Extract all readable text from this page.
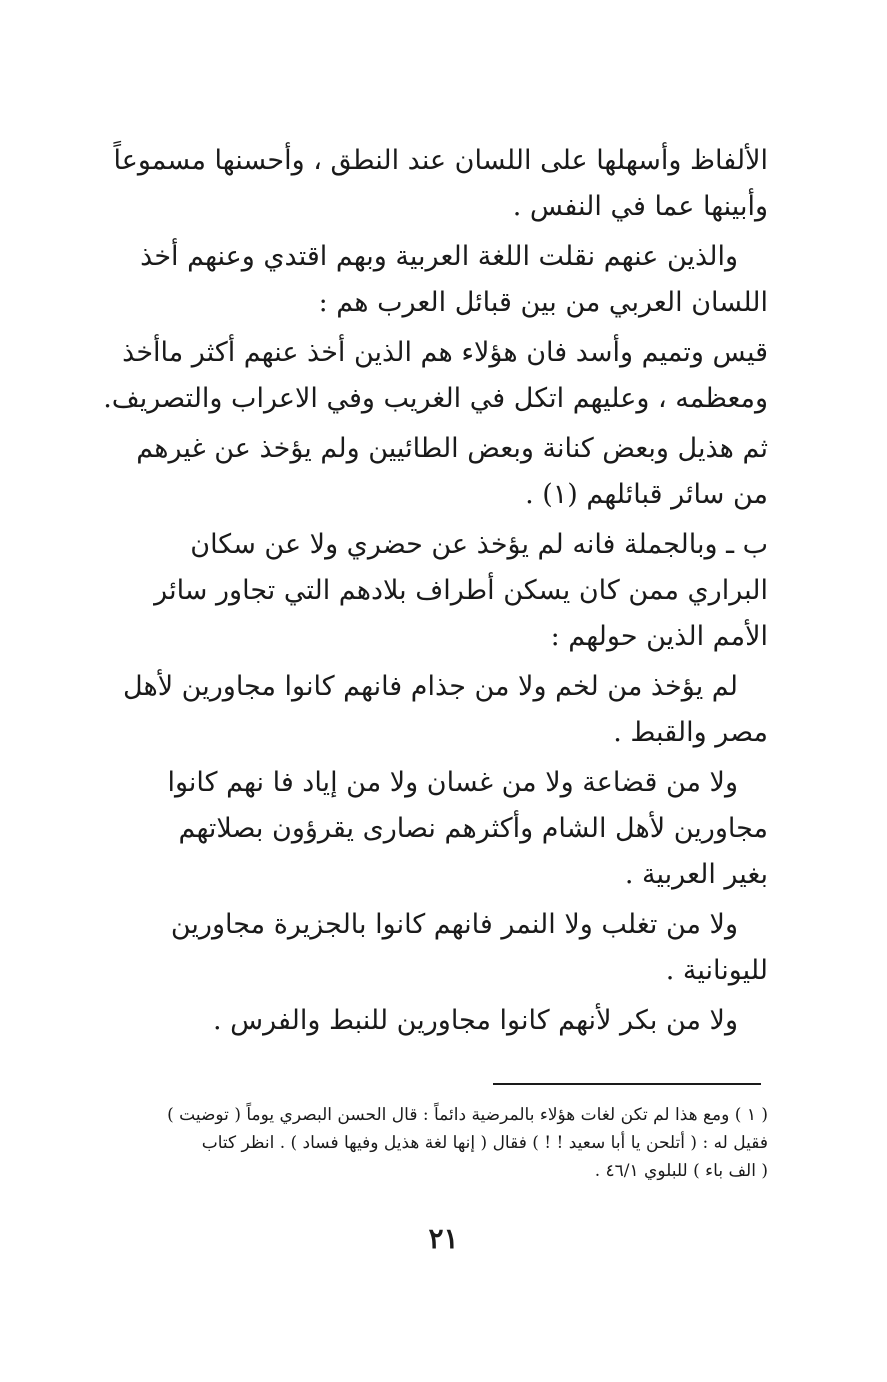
الألفاظ وأسهلها على اللسان عند النطق ، وأحسنها مسموعاً
وأبينها عما في النفس .
والذين عنهم نقلت اللغة العربية وبهم اقتدي وعنهم أخذ
اللسان العربي من بين قبائل العرب هم :
قيس وتميم وأسد فان هؤلاء هم الذين أخذ عنهم أكثر ماأخذ
ومعظمه ، وعليهم اتكل في الغريب وفي الاعراب والتصريف.
ثم هذيل وبعض كنانة وبعض الطائيين ولم يؤخذ عن غيرهم
من سائر قبائلهم (١) .
ب ـ وبالجملة فانه لم يؤخذ عن حضري ولا عن سكان
البراري ممن كان يسكن أطراف بلادهم التي تجاور سائر
الأمم الذين حولهم :
لم يؤخذ من لخم ولا من جذام فانهم كانوا مجاورين لأهل
مصر والقبط .
ولا من قضاعة ولا من غسان ولا من إياد فا نهم كانوا
مجاورين لأهل الشام وأكثرهم نصارى يقرؤون بصلاتهم
بغير العربية .
ولا من تغلب ولا النمر فانهم كانوا بالجزيرة مجاورين
لليونانية .
ولا من بكر لأنهم كانوا مجاورين للنبط والفرس .
( ١ ) ومع هذا لم تكن لغات هؤلاء بالمرضية دائماً : قال الحسن البصري يوماً ( توضيت )
فقيل له : ( أتلحن يا أبا سعيد ! ! ) فقال ( إنها لغة هذيل وفيها فساد ) . انظر كتاب
( الف باء ) للبلوي ٤٦/١ .
٢١
